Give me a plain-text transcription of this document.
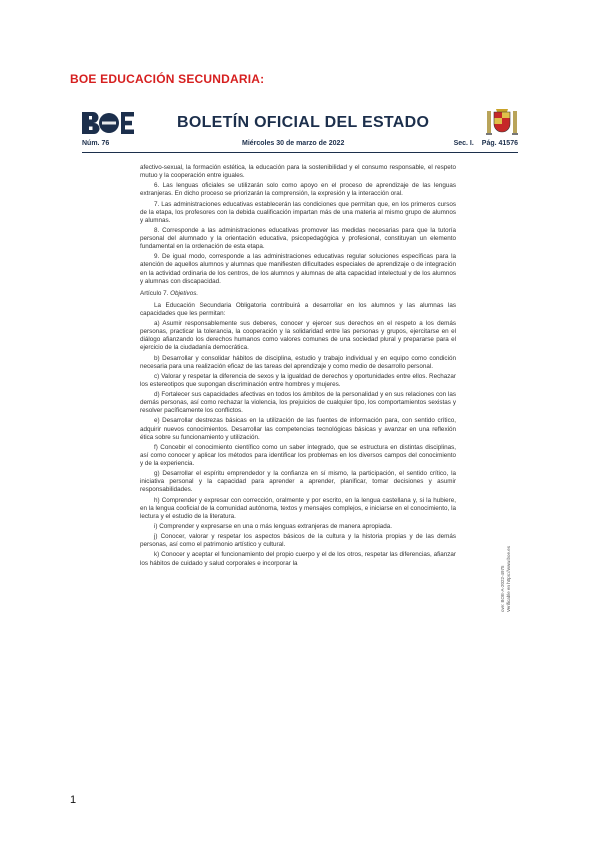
BOE EDUCACIÓN SECUNDARIA:
BOLETÍN OFICIAL DEL ESTADO
Núm. 76	Miércoles 30 de marzo de 2022	Sec. I. Pág. 41576

afectivo-sexual, la formación estética, la educación para la sostenibilidad y el consumo responsable, el respeto mutuo y la cooperación entre iguales.

6. Las lenguas oficiales se utilizarán solo como apoyo en el proceso de aprendizaje de las lenguas extranjeras. En dicho proceso se priorizarán la comprensión, la expresión y la interacción oral.

7. Las administraciones educativas establecerán las condiciones que permitan que, en los primeros cursos de la etapa, los profesores con la debida cualificación impartan más de una materia al mismo grupo de alumnos y alumnas.

8. Corresponde a las administraciones educativas promover las medidas necesarias para que la tutoría personal del alumnado y la orientación educativa, psicopedagógica y profesional, constituyan un elemento fundamental en la ordenación de esta etapa.

9. De igual modo, corresponde a las administraciones educativas regular soluciones específicas para la atención de aquellos alumnos y alumnas que manifiesten dificultades especiales de aprendizaje o de integración en la actividad ordinaria de los centros, de los alumnos y alumnas de alta capacidad intelectual y de los alumnos y alumnas con discapacidad.

Artículo 7. Objetivos.

La Educación Secundaria Obligatoria contribuirá a desarrollar en los alumnos y las alumnas las capacidades que les permitan:

a) Asumir responsablemente sus deberes, conocer y ejercer sus derechos en el respeto a los demás personas, practicar la tolerancia, la cooperación y la solidaridad entre las personas y grupos, ejercitarse en el diálogo afianzando los derechos humanos como valores comunes de una sociedad plural y prepararse para el ejercicio de la ciudadanía democrática.

b) Desarrollar y consolidar hábitos de disciplina, estudio y trabajo individual y en equipo como condición necesaria para una realización eficaz de las tareas del aprendizaje y como medio de desarrollo personal.

c) Valorar y respetar la diferencia de sexos y la igualdad de derechos y oportunidades entre ellos. Rechazar los estereotipos que supongan discriminación entre hombres y mujeres.

d) Fortalecer sus capacidades afectivas en todos los ámbitos de la personalidad y en sus relaciones con las demás personas, así como rechazar la violencia, los prejuicios de cualquier tipo, los comportamientos sexistas y resolver pacíficamente los conflictos.

e) Desarrollar destrezas básicas en la utilización de las fuentes de información para, con sentido crítico, adquirir nuevos conocimientos. Desarrollar las competencias tecnológicas básicas y avanzar en una reflexión ética sobre su funcionamiento y utilización.

f) Concebir el conocimiento científico como un saber integrado, que se estructura en distintas disciplinas, así como conocer y aplicar los métodos para identificar los problemas en los diversos campos del conocimiento y de la experiencia.

g) Desarrollar el espíritu emprendedor y la confianza en sí mismo, la participación, el sentido crítico, la iniciativa personal y la capacidad para aprender a aprender, planificar, tomar decisiones y asumir responsabilidades.

h) Comprender y expresar con corrección, oralmente y por escrito, en la lengua castellana y, si la hubiere, en la lengua cooficial de la comunidad autónoma, textos y mensajes complejos, e iniciarse en el conocimiento, la lectura y el estudio de la literatura.

i) Comprender y expresarse en una o más lenguas extranjeras de manera apropiada.

j) Conocer, valorar y respetar los aspectos básicos de la cultura y la historia propias y de las demás personas, así como el patrimonio artístico y cultural.

k) Conocer y aceptar el funcionamiento del propio cuerpo y el de los otros, respetar las diferencias, afianzar los hábitos de cuidado y salud corporales e incorporar la

cve: BOE-A-2022-4975 Verificable en https://www.boe.es
1
